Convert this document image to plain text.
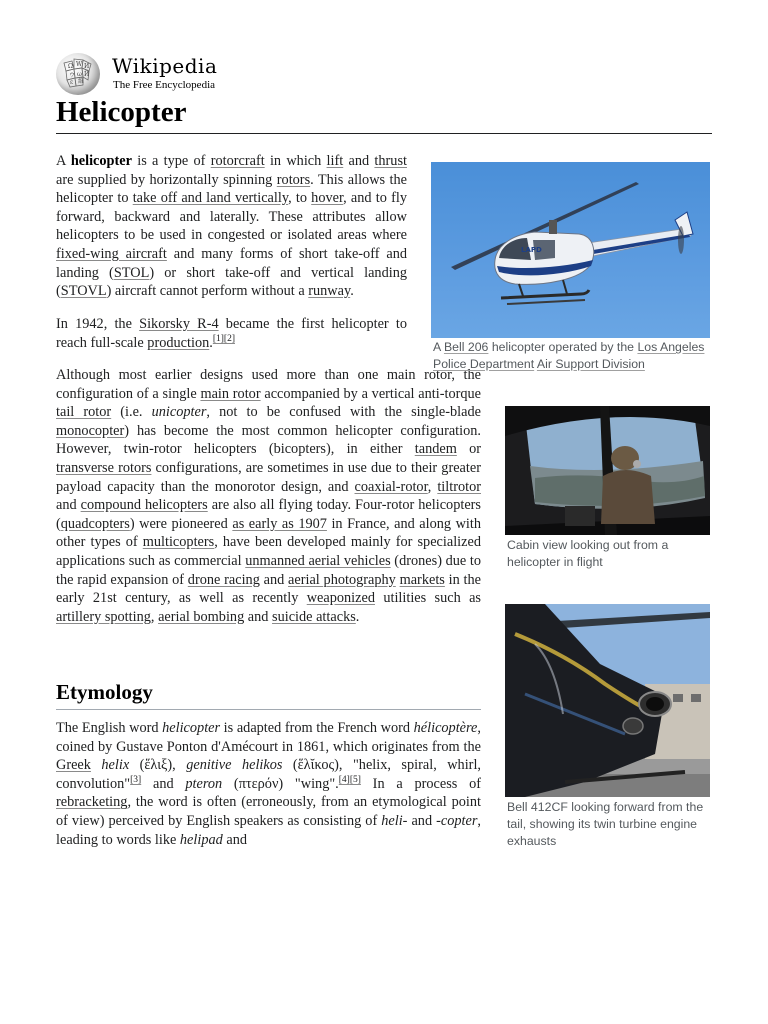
Ω W И
ウ ω Й
ε 維
Wikipedia
The Free Encyclopedia
Helicopter

A helicopter is a type of rotorcraft in which lift and thrust are supplied by horizontally spinning rotors. This allows the helicopter to take off and land vertically, to hover, and to fly forward, backward and laterally. These attributes allow helicopters to be used in congested or isolated areas where fixed-wing aircraft and many forms of short take-off and landing (STOL) or short take-off and vertical landing (STOVL) aircraft cannot perform without a runway.

In 1942, the Sikorsky R-4 became the first helicopter to reach full-scale production.[1][2]

Although most earlier designs used more than one main rotor, the configuration of a single main rotor accompanied by a vertical anti-torque tail rotor (i.e. unicopter, not to be confused with the single-blade monocopter) has become the most common helicopter configuration. However, twin-rotor helicopters (bicopters), in either tandem or transverse rotors configurations, are sometimes in use due to their greater payload capacity than the monorotor design, and coaxial-rotor, tiltrotor and compound helicopters are also all flying today. Four-rotor helicopters (quadcopters) were pioneered as early as 1907 in France, and along with other types of multicopters, have been developed mainly for specialized applications such as commercial unmanned aerial vehicles (drones) due to the rapid expansion of drone racing and aerial photography markets in the early 21st century, as well as recently weaponized utilities such as artillery spotting, aerial bombing and suicide attacks.

Etymology

The English word helicopter is adapted from the French word hélicoptère, coined by Gustave Ponton d'Amécourt in 1861, which originates from the Greek helix (ἕλιξ), genitive helikos (ἕλῐκος), "helix, spiral, whirl, convolution"[3] and pteron (πτερόν) "wing".[4][5] In a process of rebracketing, the word is often (erroneously, from an etymological point of view) perceived by English speakers as consisting of heli- and -copter, leading to words like helipad and

LAPD
A Bell 206 helicopter operated by the Los Angeles Police Department Air Support Division
Cabin view looking out from a helicopter in flight
Bell 412CF looking forward from the tail, showing its twin turbine engine exhausts
